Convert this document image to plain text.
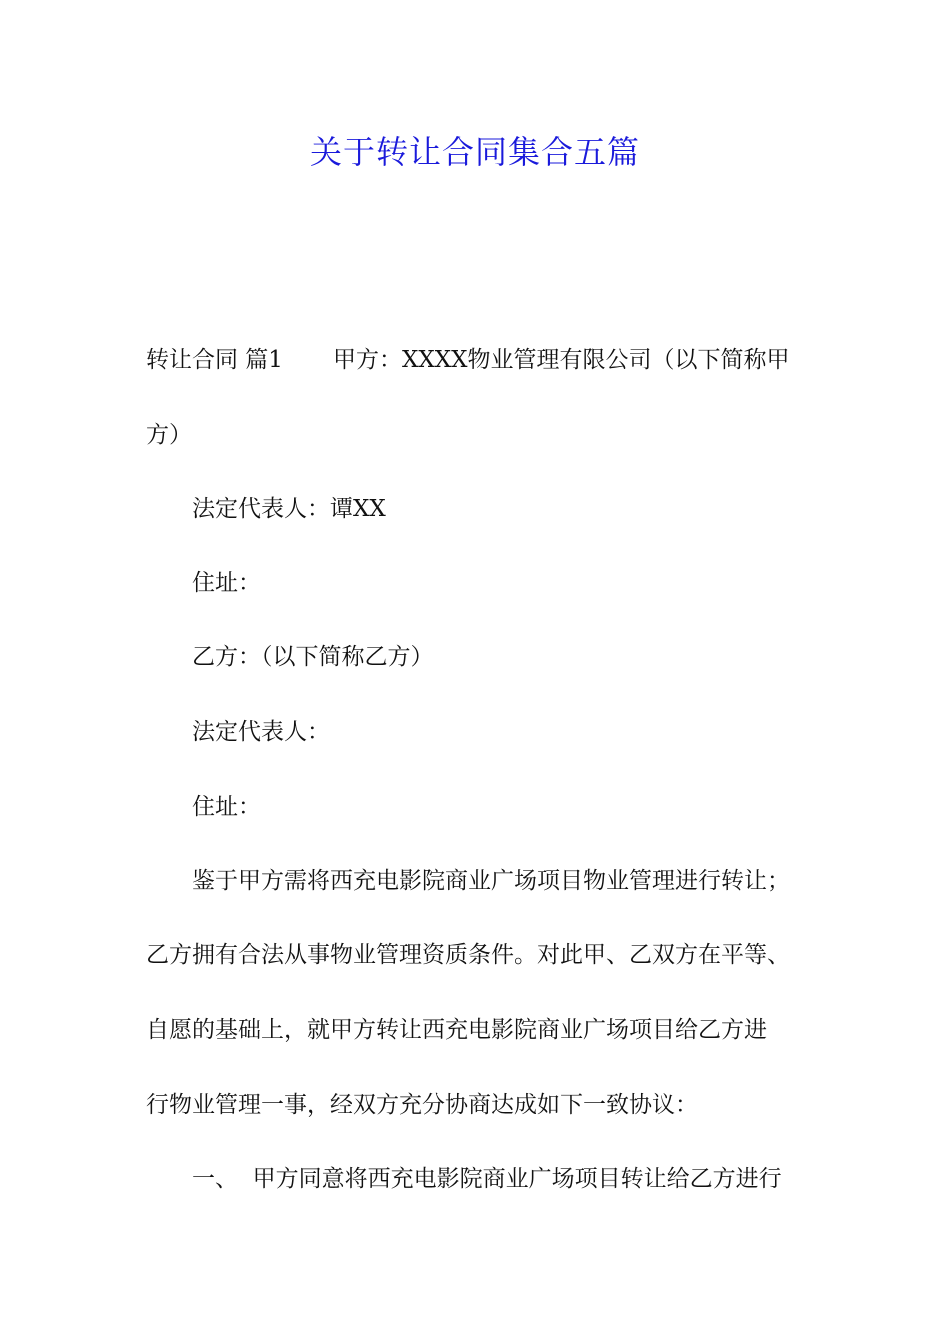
关于转让合同集合五篇
转让合同 篇1 甲方：XXXX物业管理有限公司（以下简称甲
方）
法定代表人：谭XX
住址：
乙方：（以下简称乙方）
法定代表人：
住址：
鉴于甲方需将西充电影院商业广场项目物业管理进行转让；
乙方拥有合法从事物业管理资质条件。对此甲、乙双方在平等、
自愿的基础上，就甲方转让西充电影院商业广场项目给乙方进
行物业管理一事，经双方充分协商达成如下一致协议：
一、  甲方同意将西充电影院商业广场项目转让给乙方进行
